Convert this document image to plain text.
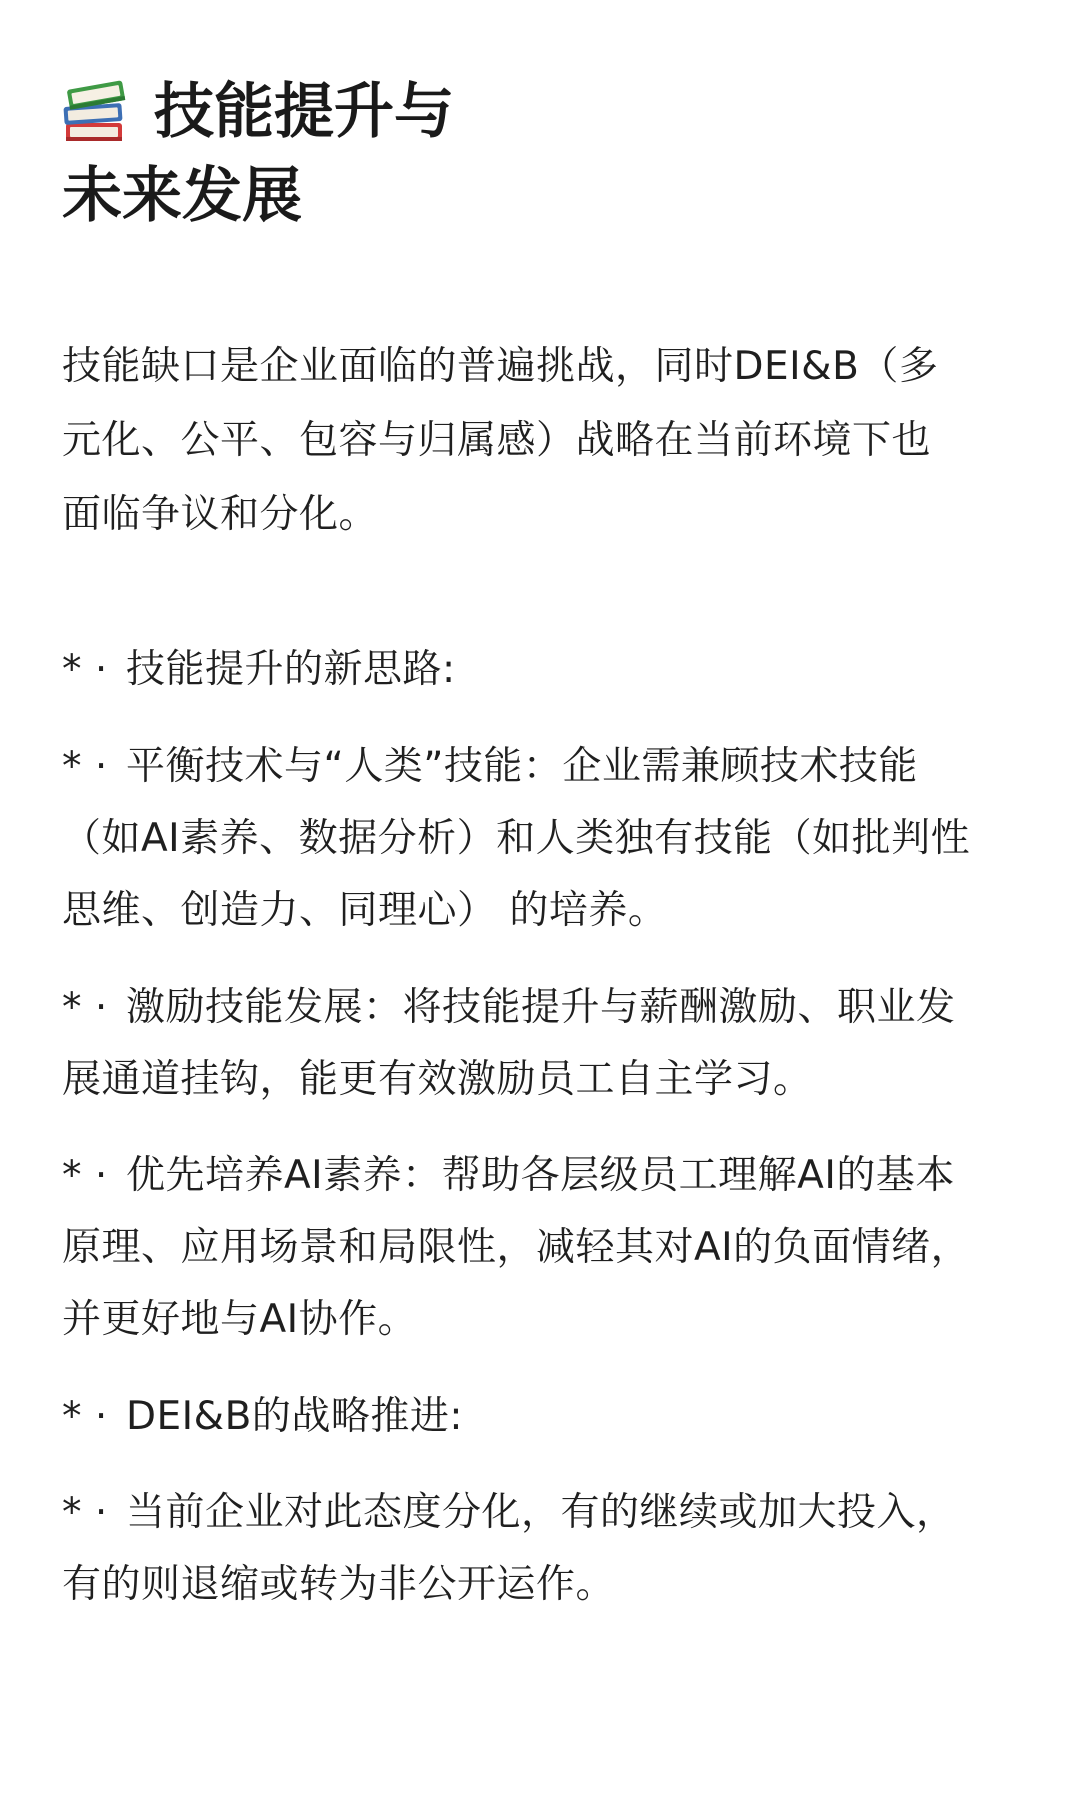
技能提升与
未来发展
技能缺口是企业面临的普遍挑战，同时DEI&B（多
元化、公平、包容与归属感）战略在当前环境下也
面临争议和分化。
* · 技能提升的新思路:
* · 平衡技术与“人类”技能：企业需兼顾技术技能
（如AI素养、数据分析）和人类独有技能（如批判性
思维、创造力、同理心） 的培养。
* · 激励技能发展：将技能提升与薪酬激励、职业发
展通道挂钩，能更有效激励员工自主学习。
* · 优先培养AI素养：帮助各层级员工理解AI的基本
原理、应用场景和局限性，减轻其对AI的负面情绪，
并更好地与AI协作。
* · DEI&B的战略推进:
* · 当前企业对此态度分化，有的继续或加大投入，
有的则退缩或转为非公开运作。
